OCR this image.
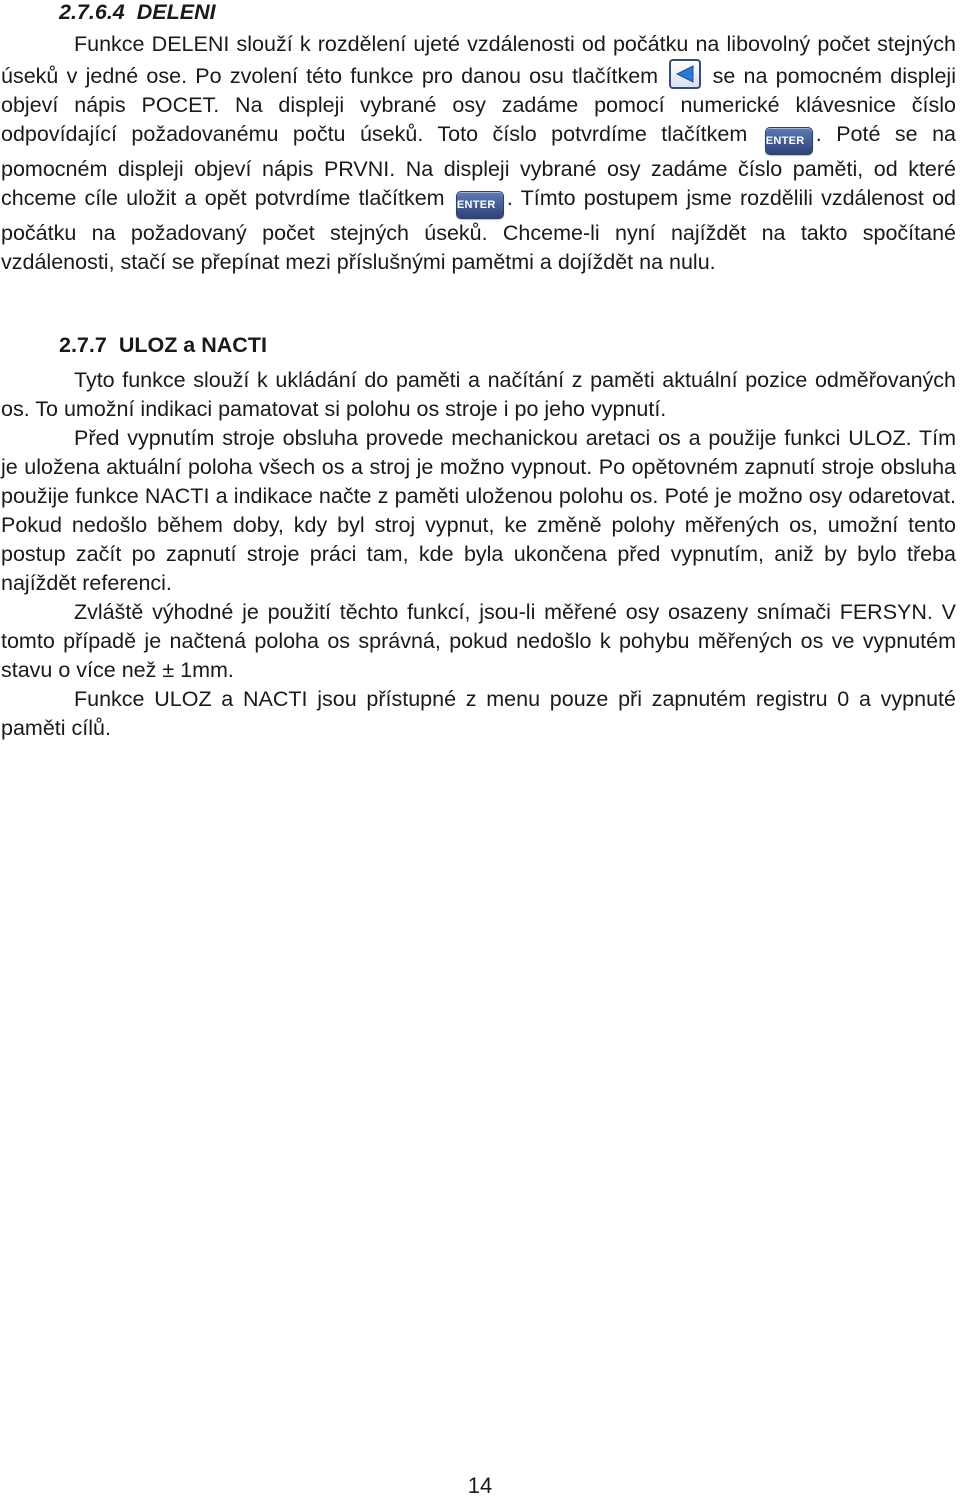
2.7.6.4 DELENI

Funkce DELENI slouží k rozdělení ujeté vzdálenosti od počátku na libovolný počet stejných úseků v jedné ose. Po zvolení této funkce pro danou osu tlačítkem	se na pomocném displeji objeví nápis POCET. Na displeji vybrané osy zadáme pomocí numerické klávesnice číslo odpovídající požadovanému počtu úseků. Toto číslo potvrdíme tlačítkem ENTER . Poté se na pomocném displeji objeví nápis PRVNI. Na displeji vybrané osy zadáme číslo paměti, od které chceme cíle uložit a opět potvrdíme tlačítkem ENTER . Tímto postupem jsme rozdělili vzdálenost od počátku na požadovaný počet stejných úseků. Chceme-li nyní najíždět na takto spočítané vzdálenosti, stačí se přepínat mezi příslušnými pamětmi a dojíždět na nulu.

2.7.7 ULOZ a NACTI

Tyto funkce slouží k ukládání do paměti a načítání z paměti aktuální pozice odměřovaných os. To umožní indikaci pamatovat si polohu os stroje i po jeho vypnutí.

Před vypnutím stroje obsluha provede mechanickou aretaci os a použije funkci ULOZ. Tím je uložena aktuální poloha všech os a stroj je možno vypnout. Po opětovném zapnutí stroje obsluha použije funkce NACTI a indikace načte z paměti uloženou polohu os. Poté je možno osy odaretovat. Pokud nedošlo během doby, kdy byl stroj vypnut, ke změně polohy měřených os, umožní tento postup začít po zapnutí stroje práci tam, kde byla ukončena před vypnutím, aniž by bylo třeba najíždět referenci.

Zvláště výhodné je použití těchto funkcí, jsou-li měřené osy osazeny snímači FERSYN. V tomto případě je načtená poloha os správná, pokud nedošlo k pohybu měřených os ve vypnutém stavu o více než ± 1mm.

Funkce ULOZ a NACTI jsou přístupné z menu pouze při zapnutém registru 0 a vypnuté paměti cílů.

14
